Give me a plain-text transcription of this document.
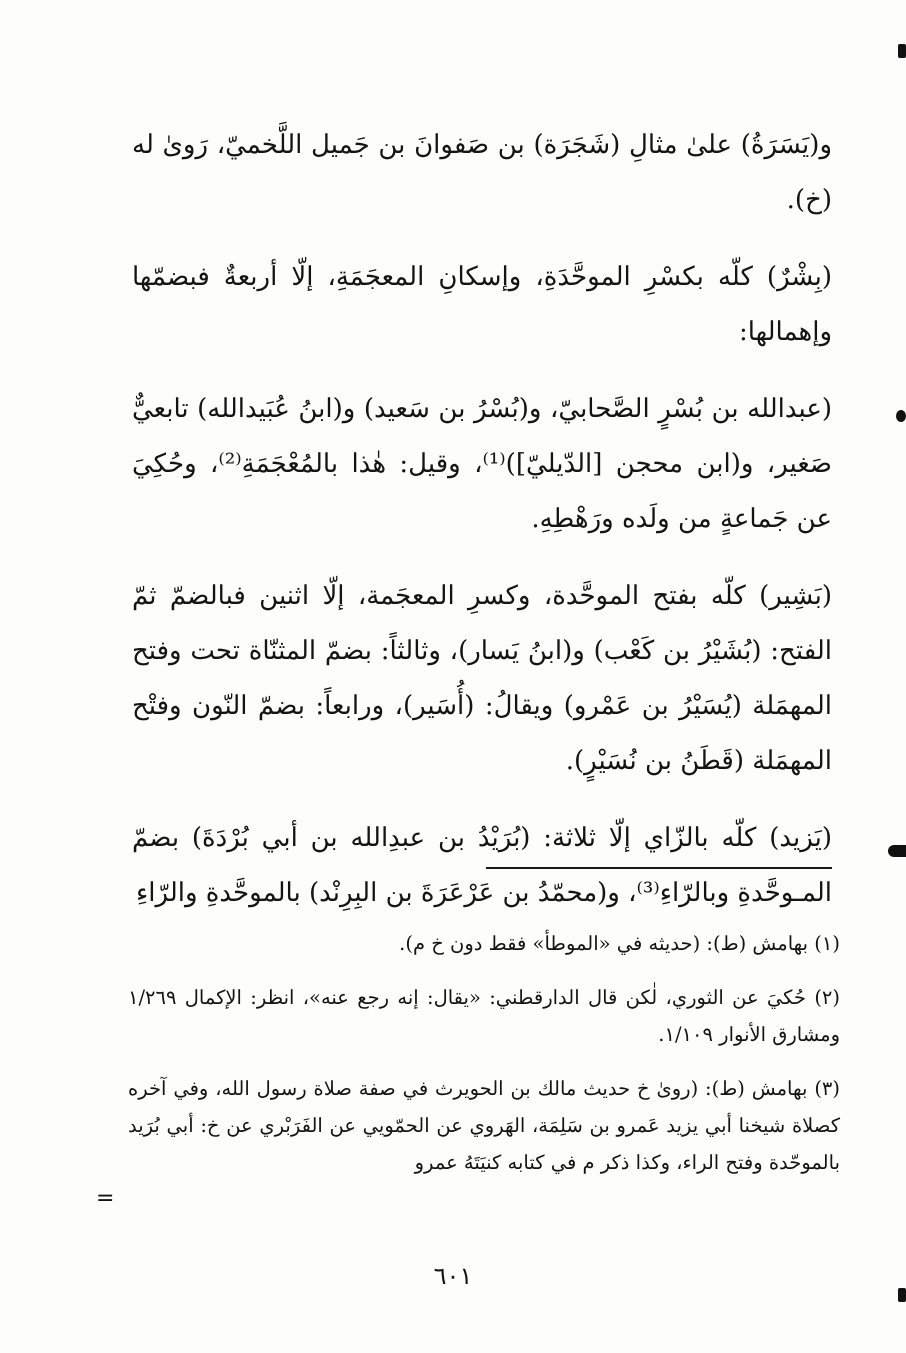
و(يَسَرَةُ) علىٰ مثالِ (شَجَرَة) بن صَفوانَ بن جَميل اللَّخميّ، رَوىٰ له (خ).

(بِشْرٌ) كلّه بكسْرِ الموحَّدَةِ، وإسكانِ المعجَمَةِ، إلّا أربعةٌ فبضمّها وإهمالها:

(عبدالله بن بُسْرٍ الصَّحابيّ، و(بُسْرُ بن سَعيد) و(ابنُ عُبَيدالله) تابعيٌّ صَغير، و(ابن محجن [الدّيليّ])⁽¹⁾، وقيل: هٰذا بالمُعْجَمَةِ⁽²⁾، وحُكِيَ عن جَماعةٍ من ولَده ورَهْطِهِ.

(بَشِير) كلّه بفتح الموحَّدة، وكسرِ المعجَمة، إلّا اثنين فبالضمّ ثمّ الفتح: (بُشَيْرُ بن كَعْب) و(ابنُ يَسار)، وثالثاً: بضمّ المثنّاة تحت وفتح المهمَلة (يُسَيْرُ بن عَمْرو) ويقالُ: (أُسَير)، ورابعاً: بضمّ النّون وفتْح المهمَلة (قَطَنُ بن نُسَيْرٍ).

(يَزيد) كلّه بالزّاي إلّا ثلاثة: (بُرَيْدُ بن عبدِالله بن أبي بُرْدَةَ) بضمّ المـوحَّدةِ وبالرّاءِ⁽³⁾، و(محمّدُ بن عَرْعَرَةَ بن البِرِنْد) بالموحَّدةِ والرّاءِ

(١) بهامش (ط): (حديثه في «الموطأ» فقط دون خ م).
(٢) حُكيَ عن الثوري، لٰكن قال الدارقطني: «يقال: إنه رجع عنه»، انظر: الإكمال ١/٢٦٩ ومشارق الأنوار ١/١٠٩.
(٣) بهامش (ط): (روىٰ خ حديث مالك بن الحويرث في صفة صلاة رسول الله، وفي آخره كصلاة شيخنا أبي يزيد عَمرو بن سَلِمَة، الهَروي عن الحمّويي عن الفَرَبْري عن خ: أبي بُرَيد بالموحّدة وفتح الراء، وكذا ذكر م في كتابه كنيَتَهُ عمرو
=
٦٠١
